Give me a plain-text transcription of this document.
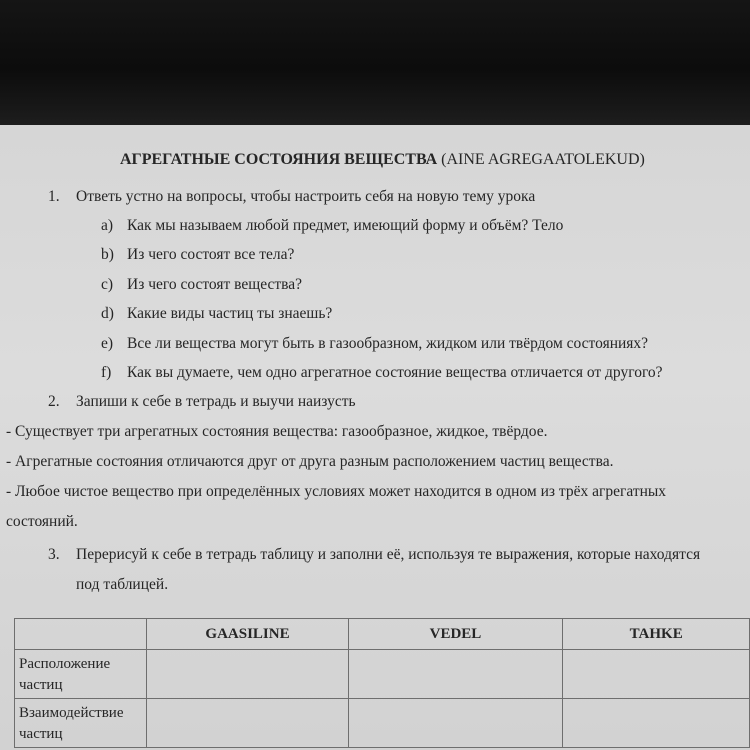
АГРЕГАТНЫЕ СОСТОЯНИЯ ВЕЩЕСТВА (AINE AGREGAATOLEKUD)
1. Ответь устно на вопросы, чтобы настроить себя на новую тему урока
a) Как мы называем любой предмет, имеющий форму и объём? Тело
b) Из чего состоят все тела?
c) Из чего состоят вещества?
d) Какие виды частиц ты знаешь?
e) Все ли вещества могут быть в газообразном, жидком или твёрдом состояниях?
f) Как вы думаете, чем одно агрегатное состояние вещества отличается от другого?
2. Запиши к себе в тетрадь и выучи наизусть
- Существует три агрегатных состояния вещества: газообразное, жидкое, твёрдое.
- Агрегатные состояния отличаются друг от друга разным расположением частиц вещества.
- Любое чистое вещество при определённых условиях может находится в одном из трёх агрегатных
состояний.
3. Перерисуй к себе в тетрадь таблицу и заполни её, используя те выражения, которые находятся
под таблицей.
	GAASILINE	VEDEL	TAHKE
Расположение
частиц			
Взаимодействие
частиц			
